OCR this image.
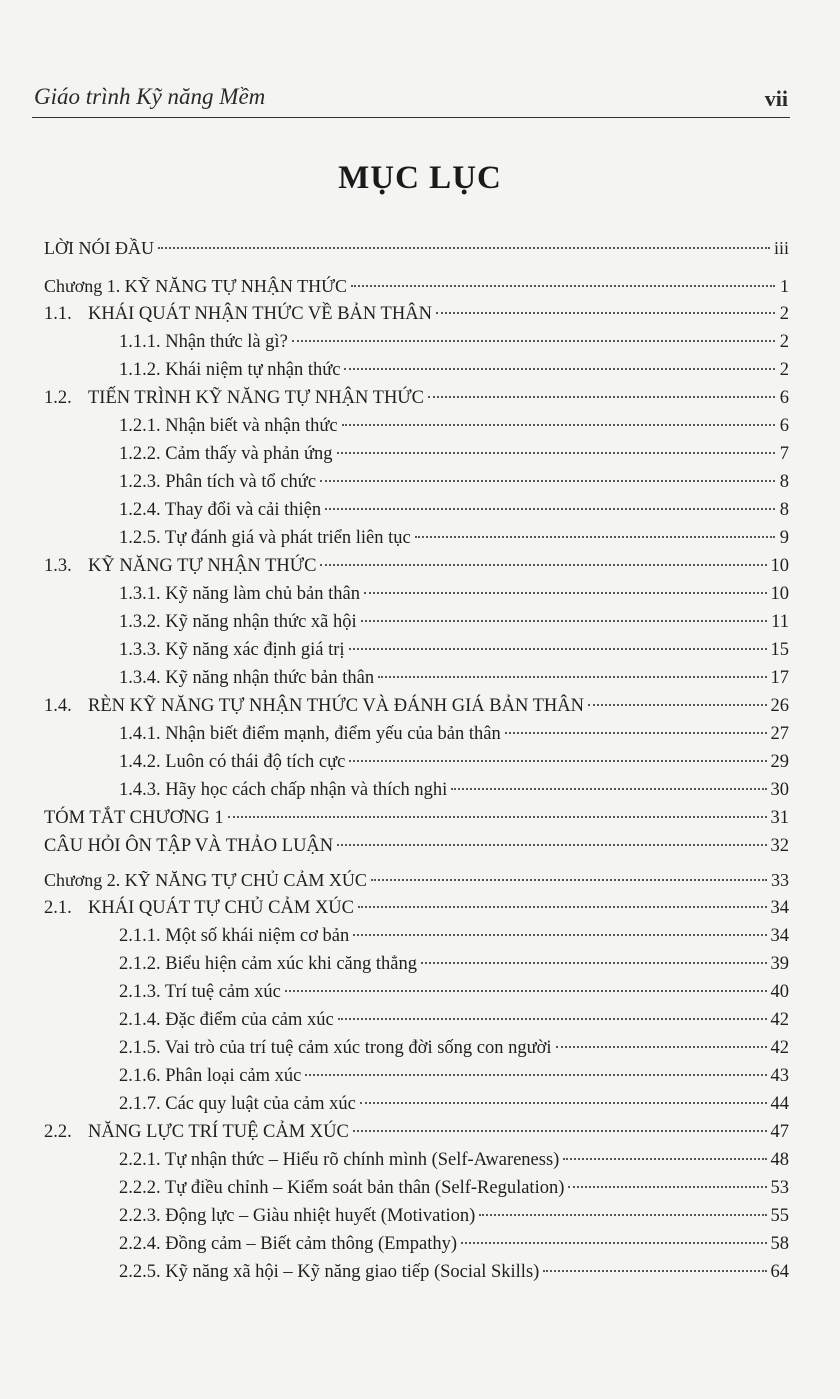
Giáo trình Kỹ năng Mềm	vii
MỤC LỤC
LỜI NÓI ĐẦU	iii
Chương 1. KỸ NĂNG TỰ NHẬN THỨC	1
1.1. KHÁI QUÁT NHẬN THỨC VỀ BẢN THÂN	2
1.1.1. Nhận thức là gì?	2
1.1.2. Khái niệm tự nhận thức	2
1.2. TIẾN TRÌNH KỸ NĂNG TỰ NHẬN THỨC	6
1.2.1. Nhận biết và nhận thức	6
1.2.2. Cảm thấy và phản ứng	7
1.2.3. Phân tích và tổ chức	8
1.2.4. Thay đổi và cải thiện	8
1.2.5. Tự đánh giá và phát triển liên tục	9
1.3. KỸ NĂNG TỰ NHẬN THỨC	10
1.3.1. Kỹ năng làm chủ bản thân	10
1.3.2. Kỹ năng nhận thức xã hội	11
1.3.3. Kỹ năng xác định giá trị	15
1.3.4. Kỹ năng nhận thức bản thân	17
1.4. RÈN KỸ NĂNG TỰ NHẬN THỨC VÀ ĐÁNH GIÁ BẢN THÂN	26
1.4.1. Nhận biết điểm mạnh, điểm yếu của bản thân	27
1.4.2. Luôn có thái độ tích cực	29
1.4.3. Hãy học cách chấp nhận và thích nghi	30
TÓM TẮT CHƯƠNG 1	31
CÂU HỎI ÔN TẬP VÀ THẢO LUẬN	32
Chương 2. KỸ NĂNG TỰ CHỦ CẢM XÚC	33
2.1. KHÁI QUÁT TỰ CHỦ CẢM XÚC	34
2.1.1. Một số khái niệm cơ bản	34
2.1.2. Biểu hiện cảm xúc khi căng thẳng	39
2.1.3. Trí tuệ cảm xúc	40
2.1.4. Đặc điểm của cảm xúc	42
2.1.5. Vai trò của trí tuệ cảm xúc trong đời sống con người	42
2.1.6. Phân loại cảm xúc	43
2.1.7. Các quy luật của cảm xúc	44
2.2. NĂNG LỰC TRÍ TUỆ CẢM XÚC	47
2.2.1. Tự nhận thức – Hiểu rõ chính mình (Self-Awareness)	48
2.2.2. Tự điều chỉnh – Kiểm soát bản thân (Self-Regulation)	53
2.2.3. Động lực – Giàu nhiệt huyết (Motivation)	55
2.2.4. Đồng cảm – Biết cảm thông (Empathy)	58
2.2.5. Kỹ năng xã hội – Kỹ năng giao tiếp (Social Skills)	64
